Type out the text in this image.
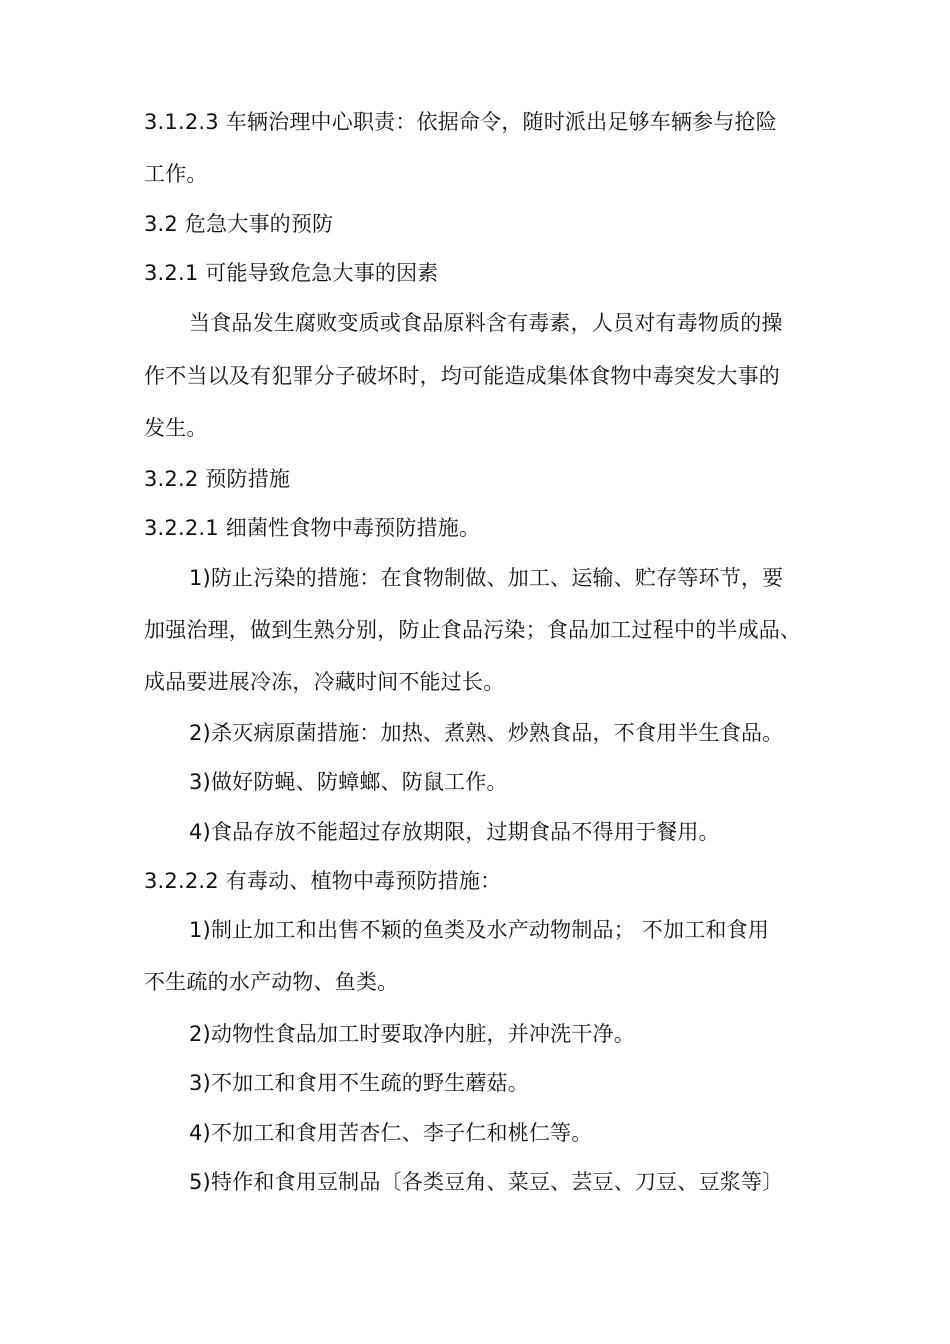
3.1.2.3 车辆治理中心职责：依据命令，随时派出足够车辆参与抢险
工作。
3.2 危急大事的预防
3.2.1 可能导致危急大事的因素
当食品发生腐败变质或食品原料含有毒素，人员对有毒物质的操
作不当以及有犯罪分子破坏时，均可能造成集体食物中毒突发大事的
发生。
3.2.2 预防措施
3.2.2.1 细菌性食物中毒预防措施。
1)防止污染的措施：在食物制做、加工、运输、贮存等环节，要
加强治理，做到生熟分别，防止食品污染；食品加工过程中的半成品、
成品要进展冷冻，冷藏时间不能过长。
2)杀灭病原菌措施：加热、煮熟、炒熟食品，不食用半生食品。
3)做好防蝇、防蟑螂、防鼠工作。
4)食品存放不能超过存放期限，过期食品不得用于餐用。
3.2.2.2 有毒动、植物中毒预防措施：
1)制止加工和出售不颖的鱼类及水产动物制品； 不加工和食用
不生疏的水产动物、鱼类。
2)动物性食品加工时要取净内脏，并冲洗干净。
3)不加工和食用不生疏的野生蘑菇。
4)不加工和食用苦杏仁、李子仁和桃仁等。
5)特作和食用豆制品〔各类豆角、菜豆、芸豆、刀豆、豆浆等〕
